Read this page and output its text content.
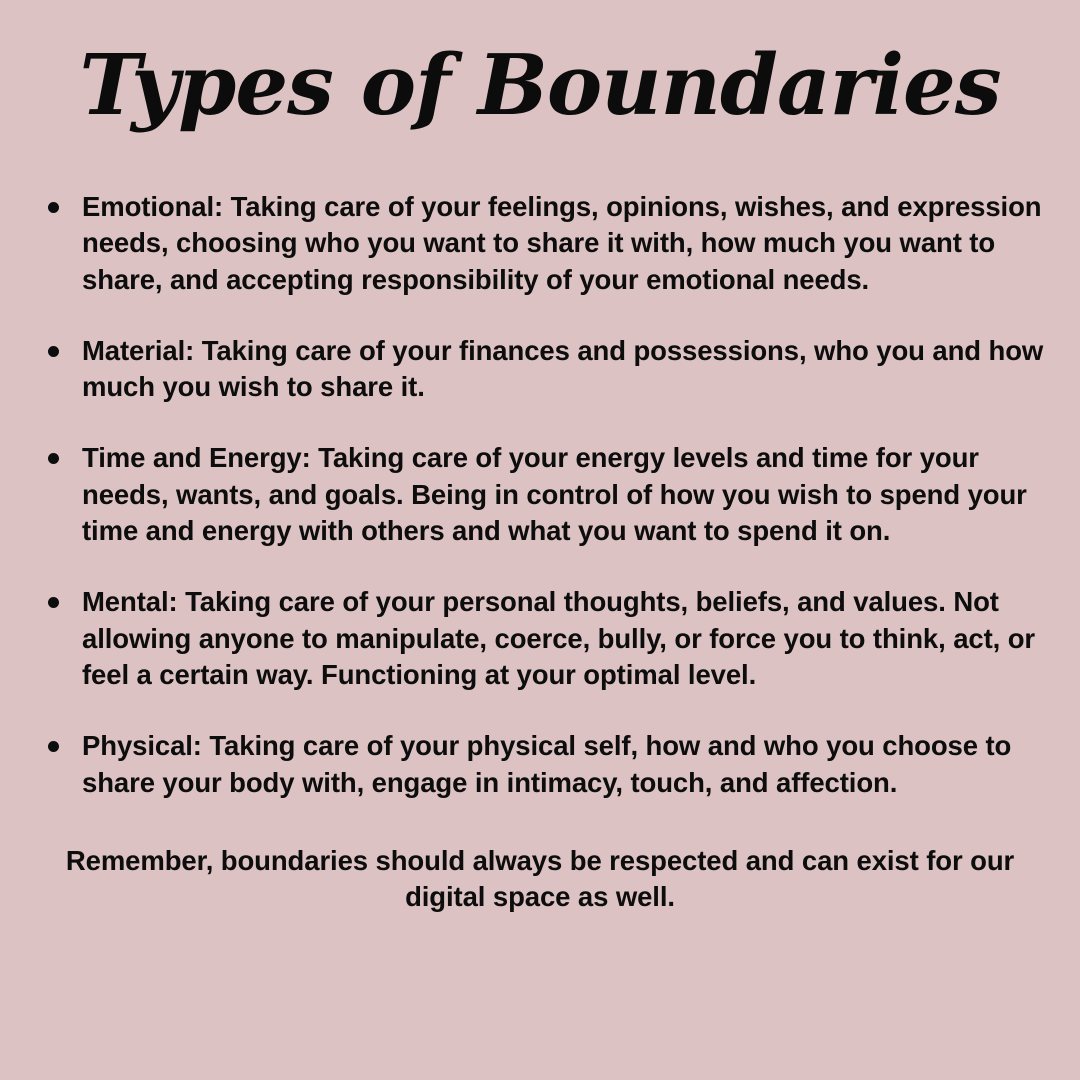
Types of Boundaries
Emotional: Taking care of your feelings, opinions, wishes, and expression needs, choosing who you want to share it with, how much you want to share, and accepting responsibility of your emotional needs.
Material: Taking care of your finances and possessions, who you and how much you wish to share it.
Time and Energy: Taking care of your energy levels and time for your needs, wants, and goals. Being in control of how you wish to spend your time and energy with others and what you want to spend it on.
Mental: Taking care of your personal thoughts, beliefs, and values. Not allowing anyone to manipulate, coerce, bully, or force you to think, act, or feel a certain way. Functioning at your optimal level.
Physical: Taking care of your physical self, how and who you choose to share your body with, engage in intimacy, touch, and affection.

Remember, boundaries should always be respected and can exist for our digital space as well.
